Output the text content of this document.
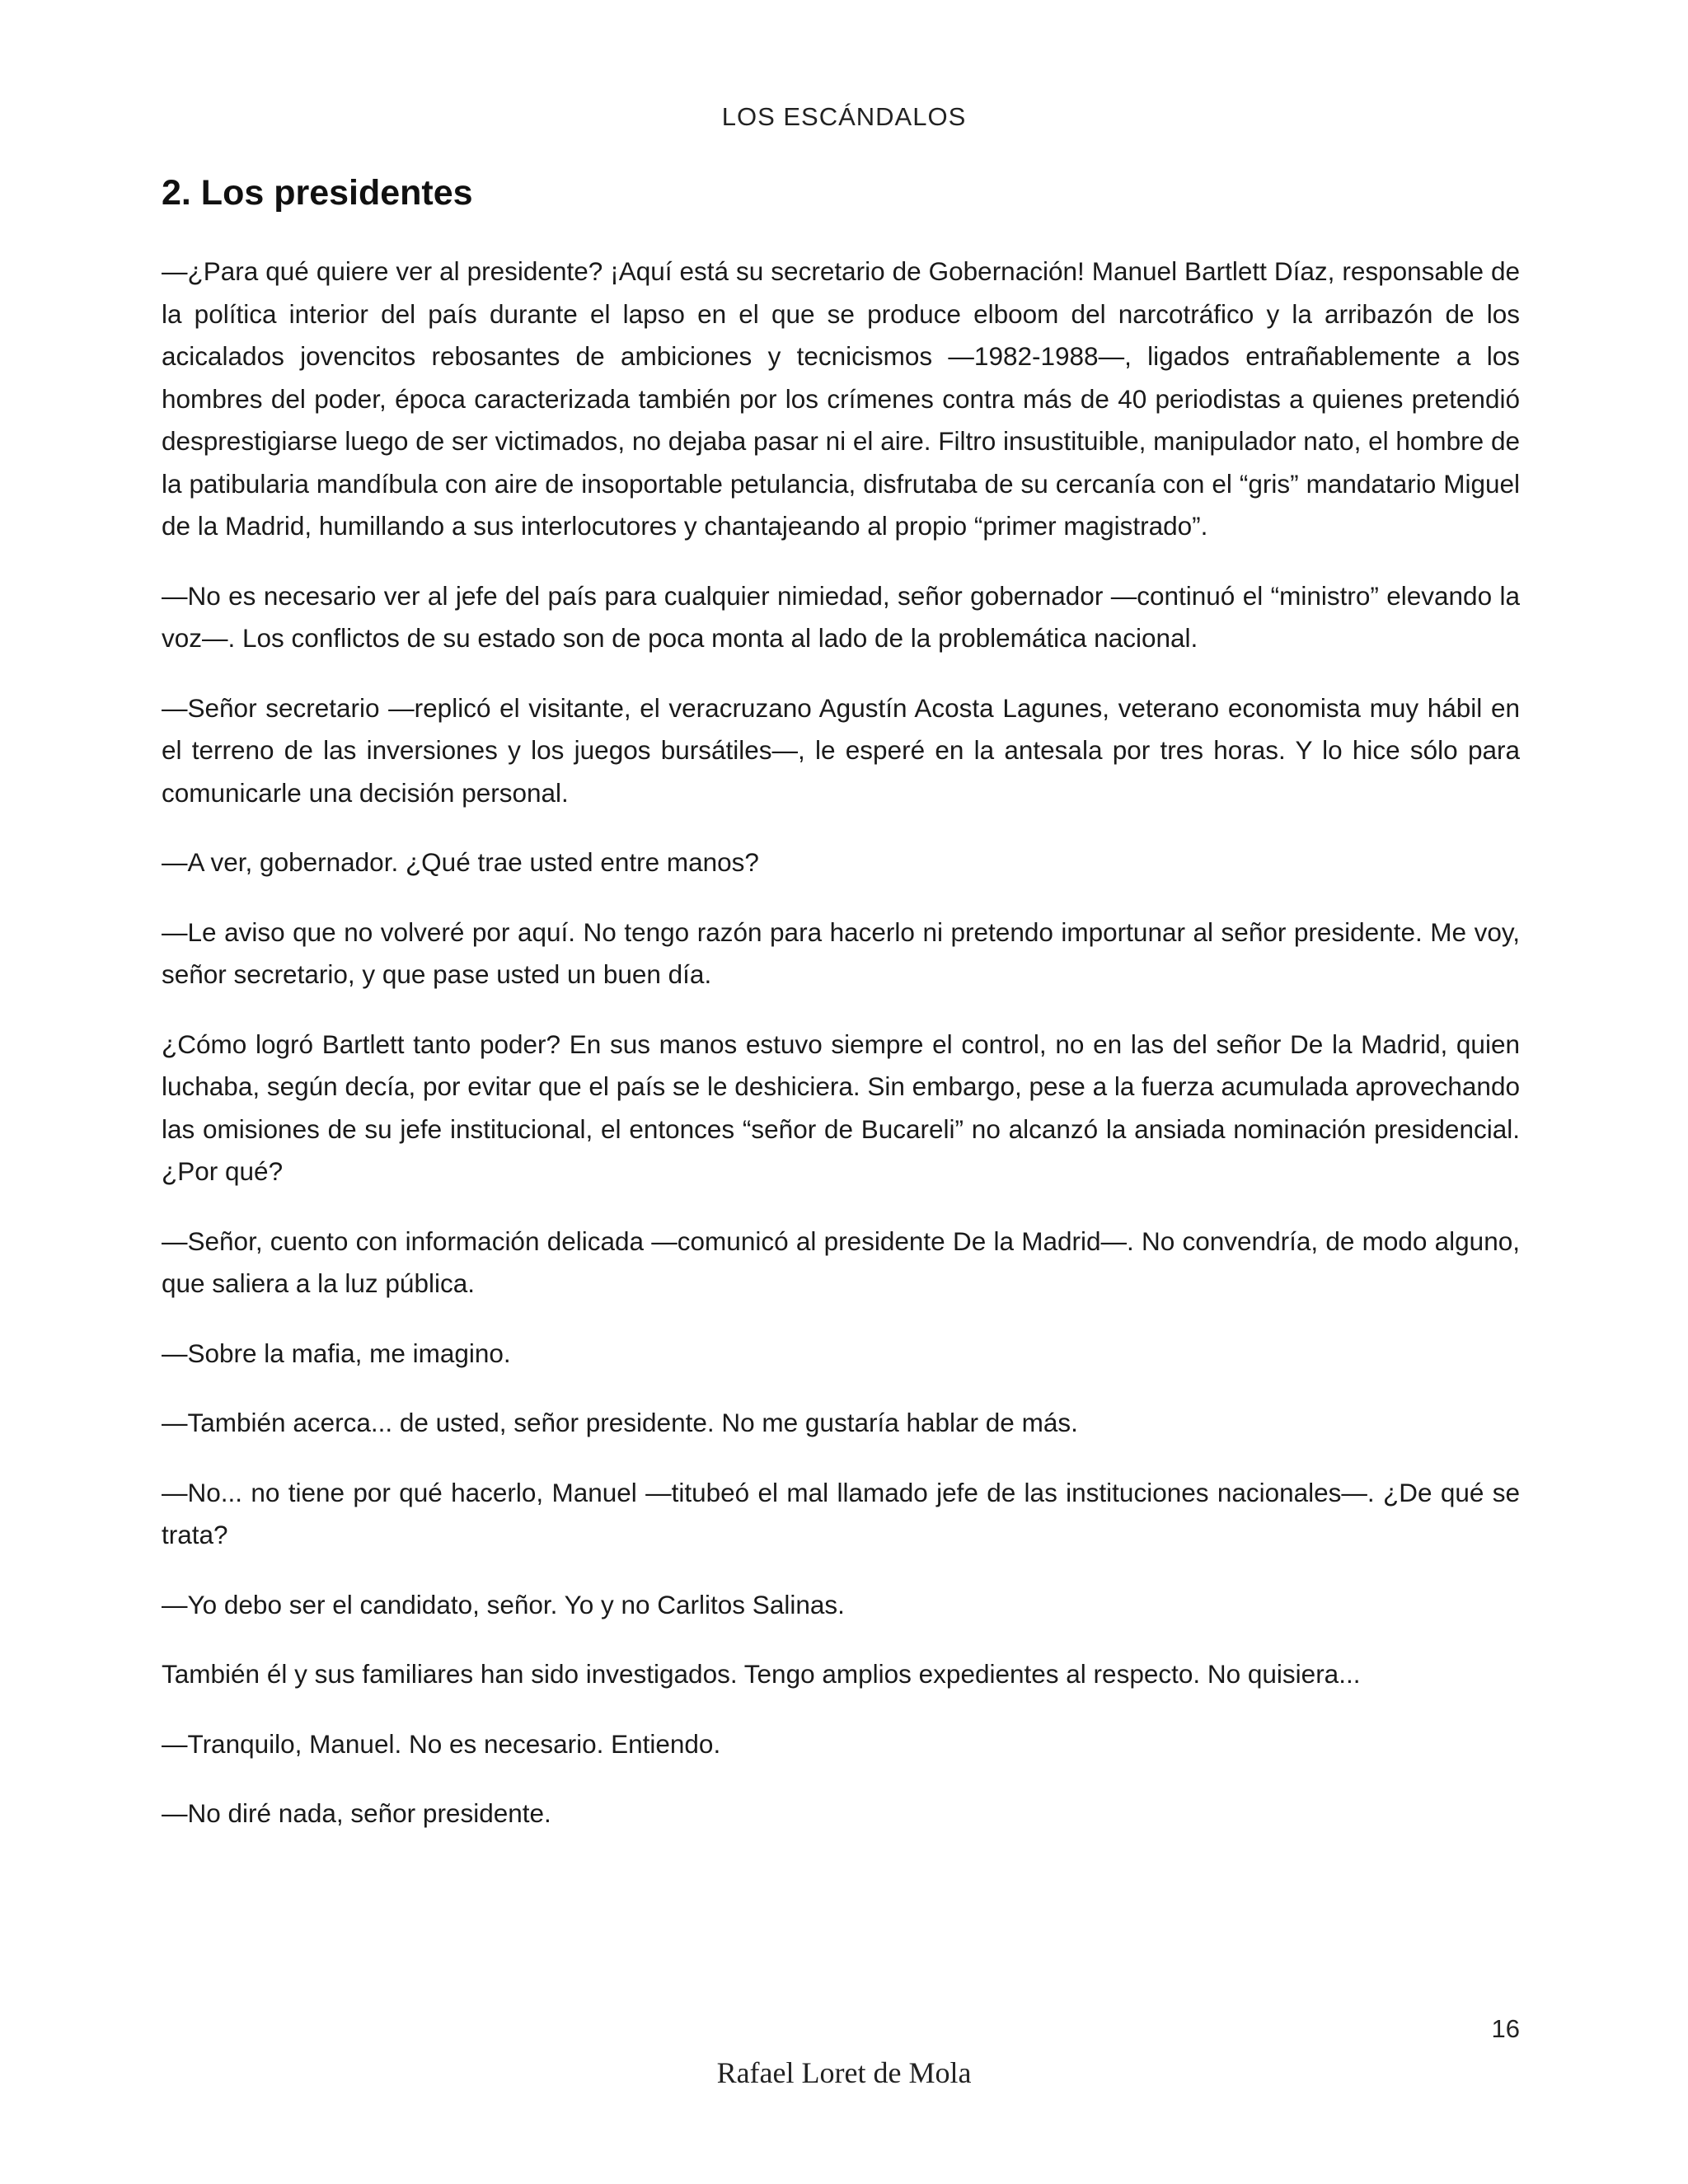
LOS ESCÁNDALOS
2. Los presidentes

—¿Para qué quiere ver al presidente? ¡Aquí está su secretario de Gobernación! Manuel Bartlett Díaz, responsable de la política interior del país durante el lapso en el que se produce elboom del narcotráfico y la arribazón de los acicalados jovencitos rebosantes de ambiciones y tecnicismos —1982-1988—, ligados entrañablemente a los hombres del poder, época caracterizada también por los crímenes contra más de 40 periodistas a quienes pretendió desprestigiarse luego de ser victimados, no dejaba pasar ni el aire. Filtro insustituible, manipulador nato, el hombre de la patibularia mandíbula con aire de insoportable petulancia, disfrutaba de su cercanía con el “gris” mandatario Miguel de la Madrid, humillando a sus interlocutores y chantajeando al propio “primer magistrado”.

—No es necesario ver al jefe del país para cualquier nimiedad, señor gobernador —continuó el “ministro” elevando la voz—. Los conflictos de su estado son de poca monta al lado de la problemática nacional.

—Señor secretario —replicó el visitante, el veracruzano Agustín Acosta Lagunes, veterano economista muy hábil en el terreno de las inversiones y los juegos bursátiles—, le esperé en la antesala por tres horas. Y lo hice sólo para comunicarle una decisión personal.

—A ver, gobernador. ¿Qué trae usted entre manos?

—Le aviso que no volveré por aquí. No tengo razón para hacerlo ni pretendo importunar al señor presidente. Me voy, señor secretario, y que pase usted un buen día.

¿Cómo logró Bartlett tanto poder? En sus manos estuvo siempre el control, no en las del señor De la Madrid, quien luchaba, según decía, por evitar que el país se le deshiciera. Sin embargo, pese a la fuerza acumulada aprovechando las omisiones de su jefe institucional, el entonces “señor de Bucareli” no alcanzó la ansiada nominación presidencial. ¿Por qué?

—Señor, cuento con información delicada —comunicó al presidente De la Madrid—. No convendría, de modo alguno, que saliera a la luz pública.

—Sobre la mafia, me imagino.

—También acerca... de usted, señor presidente. No me gustaría hablar de más.

—No... no tiene por qué hacerlo, Manuel —titubeó el mal llamado jefe de las instituciones nacionales—. ¿De qué se trata?

—Yo debo ser el candidato, señor. Yo y no Carlitos Salinas.

También él y sus familiares han sido investigados. Tengo amplios expedientes al respecto. No quisiera...

—Tranquilo, Manuel. No es necesario. Entiendo.

—No diré nada, señor presidente.

16
Rafael Loret de Mola
